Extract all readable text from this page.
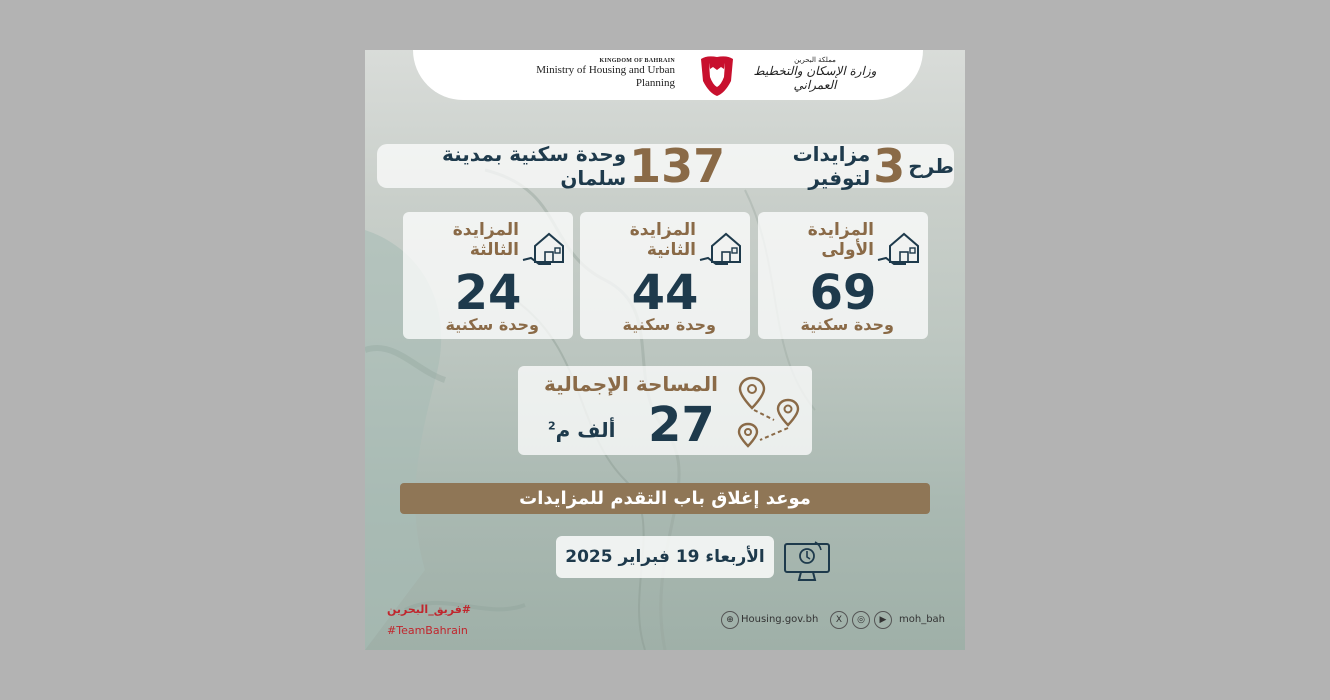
KINGDOM OF BAHRAIN
Ministry of Housing and Urban Planning
مملكة البحرين
وزارة الإسكان والتخطيط العمراني
طرح
3
مزايدات لتوفير
137
وحدة سكنية بمدينة سلمان
المزايدة
الأولى
69
وحدة سكنية
المزايدة
الثانية
44
وحدة سكنية
المزايدة
الثالثة
24
وحدة سكنية
المساحة الإجمالية
27
ألف م$^2$
موعد إغلاق باب التقدم للمزايدات
الأربعاء 19 فبراير 2025
⊕ Housing.gov.bh	X	◎	▶	moh_bah
#فريق_البحرين
#TeamBahrain
